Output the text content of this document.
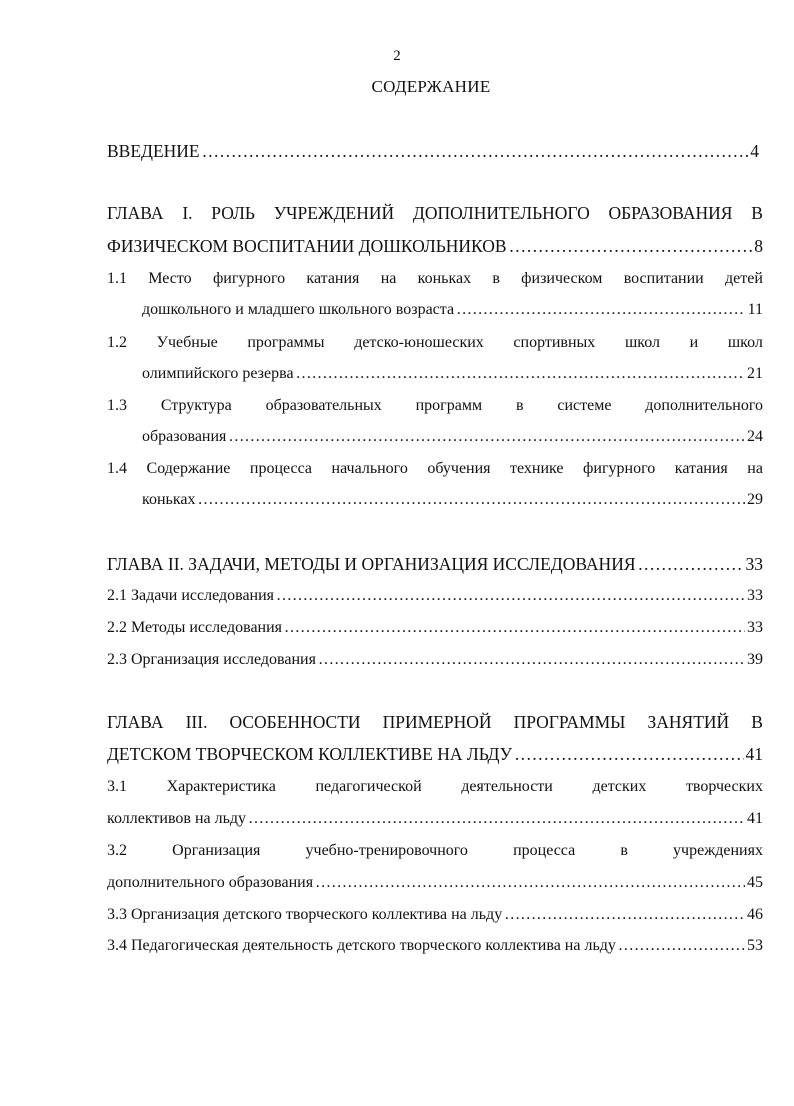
2
СОДЕРЖАНИЕ
ВВЕДЕНИЕ ……………………………………………………………………………………………………………………………………………………………………………	4
ГЛАВА I. РОЛЬ УЧРЕЖДЕНИЙ ДОПОЛНИТЕЛЬНОГО ОБРАЗОВАНИЯ В
ФИЗИЧЕСКОМ ВОСПИТАНИИ ДОШКОЛЬНИКОВ ……………………………………………………………………………………………………………………………………………………………………………	8
1.1 Место фигурного катания на коньках в физическом воспитании детей
дошкольного и младшего школьного возраста ……………………………………………………………………………………………………………………………………………………………………………	11
1.2 Учебные программы детско-юношеских спортивных школ и школ
олимпийского резерва ……………………………………………………………………………………………………………………………………………………………………………	21
1.3 Структура образовательных программ в системе дополнительного
образования ……………………………………………………………………………………………………………………………………………………………………………	24
1.4 Содержание процесса начального обучения технике фигурного катания на
коньках ……………………………………………………………………………………………………………………………………………………………………………	29
ГЛАВА II. ЗАДАЧИ, МЕТОДЫ И ОРГАНИЗАЦИЯ ИССЛЕДОВАНИЯ ……………………………………………………………………………………………………………………………………………………………………………	33
2.1 Задачи исследования ……………………………………………………………………………………………………………………………………………………………………………	33
2.2 Методы исследования ……………………………………………………………………………………………………………………………………………………………………………	33
2.3 Организация исследования ……………………………………………………………………………………………………………………………………………………………………………	39
ГЛАВА III. ОСОБЕННОСТИ ПРИМЕРНОЙ ПРОГРАММЫ ЗАНЯТИЙ В
ДЕТСКОМ ТВОРЧЕСКОМ КОЛЛЕКТИВЕ НА ЛЬДУ ……………………………………………………………………………………………………………………………………………………………………………	41
3.1 Характеристика педагогической деятельности детских творческих
коллективов на льду ……………………………………………………………………………………………………………………………………………………………………………	41
3.2	Организация	учебно-тренировочного	процесса	в	учреждениях
дополнительного образования ……………………………………………………………………………………………………………………………………………………………………………	45
3.3 Организация детского творческого коллектива на льду ……………………………………………………………………………………………………………………………………………………………………………	46
3.4 Педагогическая деятельность детского творческого коллектива на льду ……………………………………………………………………………………………………………………………………………………………………………	53
